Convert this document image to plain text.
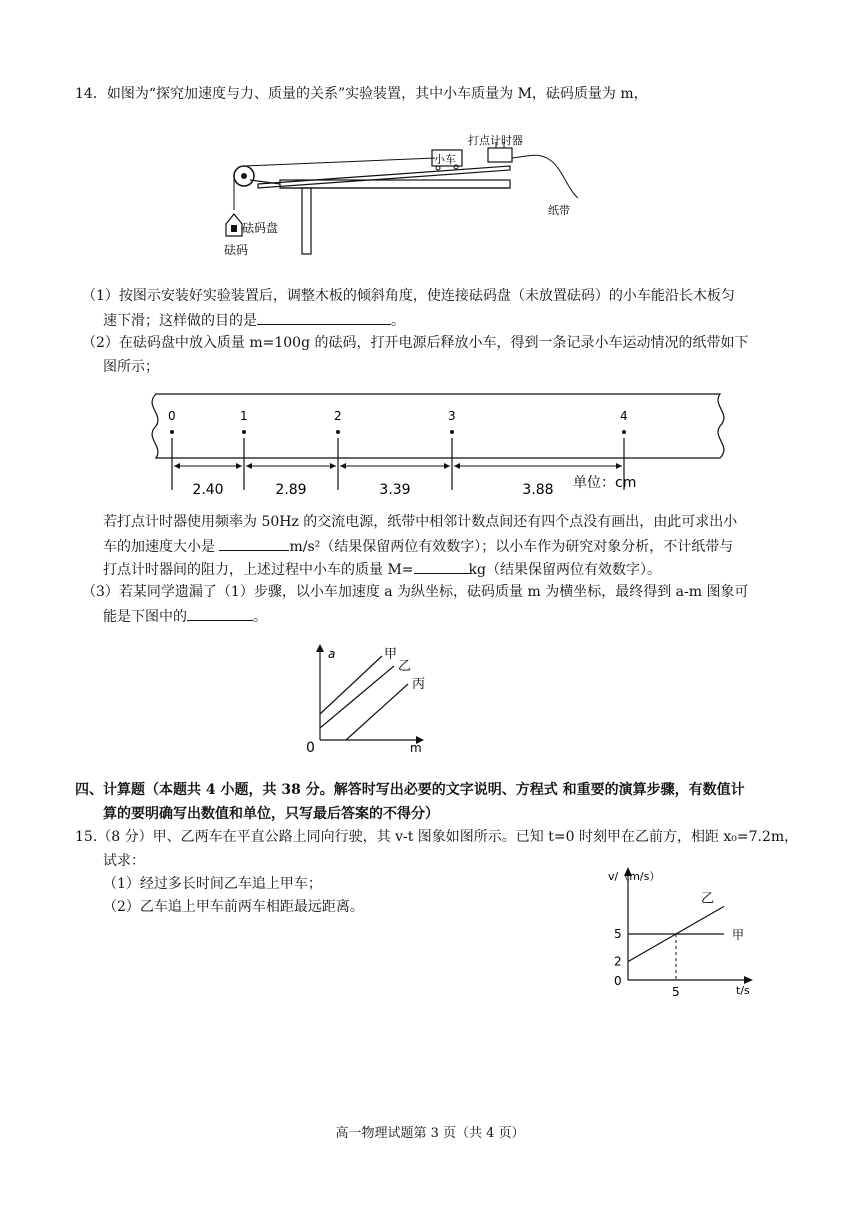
14．如图为“探究加速度与力、质量的关系”实验装置，其中小车质量为 M，砝码质量为 m，
小车
打点计时器
纸带
砝码盘
砝码
（1）按图示安装好实验装置后，调整木板的倾斜角度，使连接砝码盘（未放置砝码）的小车能沿长木板匀
速下滑；这样做的目的是	。
（2）在砝码盘中放入质量 m=100g 的砝码，打开电源后释放小车，得到一条记录小车运动情况的纸带如下
图所示；
0	1	2	3	4
2.40	2.89	3.39	3.88 单位：cm
若打点计时器使用频率为 50Hz 的交流电源，纸带中相邻计数点间还有四个点没有画出，由此可求出小
车的加速度大小是	m/s²（结果保留两位有效数字）；以小车作为研究对象分析，不计纸带与
打点计时器间的阻力，上述过程中小车的质量 M=	kg（结果保留两位有效数字）。
（3）若某同学遗漏了（1）步骤，以小车加速度 a 为纵坐标，砝码质量 m 为横坐标，最终得到 a-m 图象可
能是下图中的	。
a
m
0
甲
乙
丙
四、计算题（本题共 4 小题，共 38 分。解答时写出必要的文字说明、方程式 和重要的演算步骤，有数值计
算的要明确写出数值和单位，只写最后答案的不得分）
15.（8 分）甲、乙两车在平直公路上同向行驶，其 v-t 图象如图所示。已知 t=0 时刻甲在乙前方，相距 x₀=7.2m，
试求：
（1）经过多长时间乙车追上甲车；
（2）乙车追上甲车前两车相距最远距离。
v/（m/s）
t/s
0
2
5
5
甲
乙
高一物理试题第 3 页（共 4 页）
